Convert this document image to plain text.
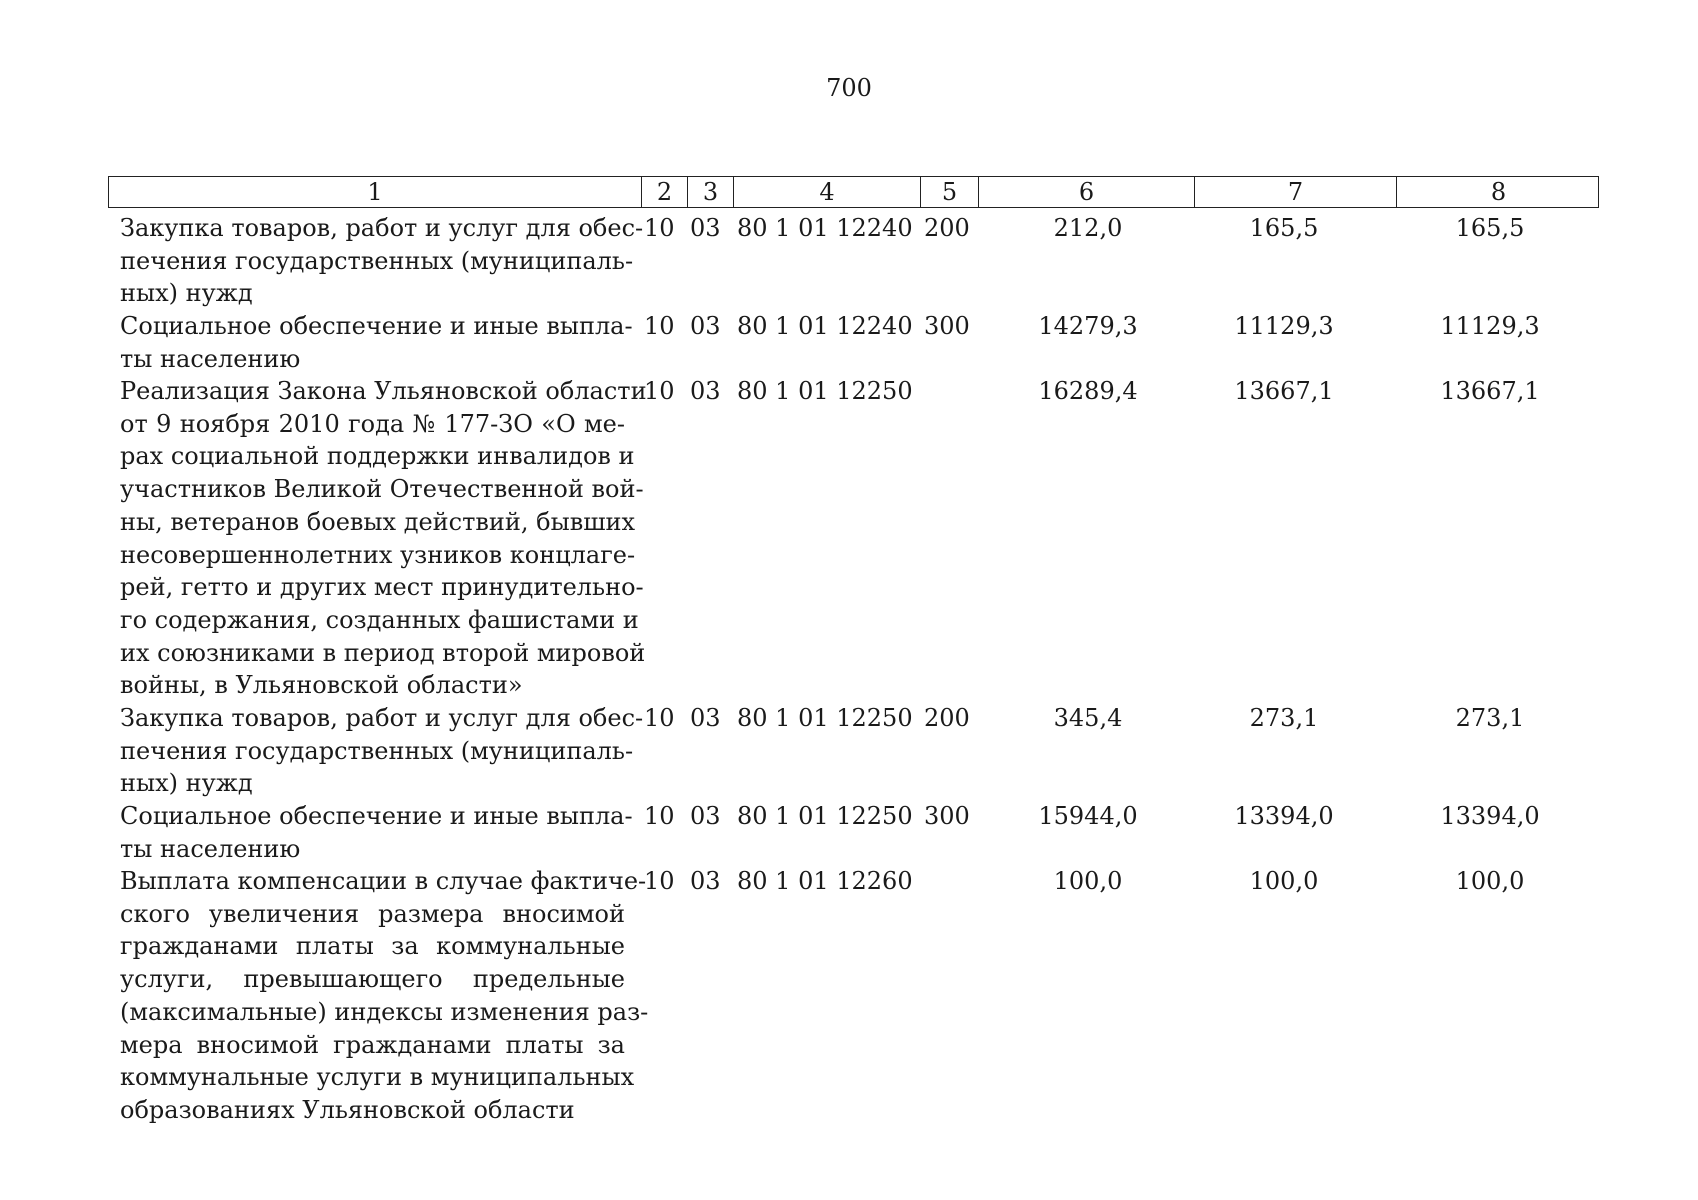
700
1	2	3	4	5	6	7	8
Закупка товаров, работ и услуг для обес-
печения государственных (муниципаль-
ных) нужд
10 03 80 1 01 12240 200	212,0	165,5	165,5
Социальное обеспечение и иные выпла-
ты населению
10 03 80 1 01 12240 300	14279,3	11129,3	11129,3
Реализация Закона Ульяновской области
от 9 ноября 2010 года № 177-ЗО «О ме-
рах социальной поддержки инвалидов и
участников Великой Отечественной вой-
ны, ветеранов боевых действий, бывших
несовершеннолетних узников концлаге-
рей, гетто и других мест принудительно-
го содержания, созданных фашистами и
их союзниками в период второй мировой
войны, в Ульяновской области»
10 03 80 1 01 12250	16289,4	13667,1	13667,1
Закупка товаров, работ и услуг для обес-
печения государственных (муниципаль-
ных) нужд
10 03 80 1 01 12250 200	345,4	273,1	273,1
Социальное обеспечение и иные выпла-
ты населению
10 03 80 1 01 12250 300	15944,0	13394,0	13394,0
Выплата компенсации в случае фактиче-
ского увеличения размера вносимой
гражданами платы за коммунальные
услуги, превышающего предельные
(максимальные) индексы изменения раз-
мера вносимой гражданами платы за
коммунальные услуги в муниципальных
образованиях Ульяновской области
10 03 80 1 01 12260	100,0	100,0	100,0
